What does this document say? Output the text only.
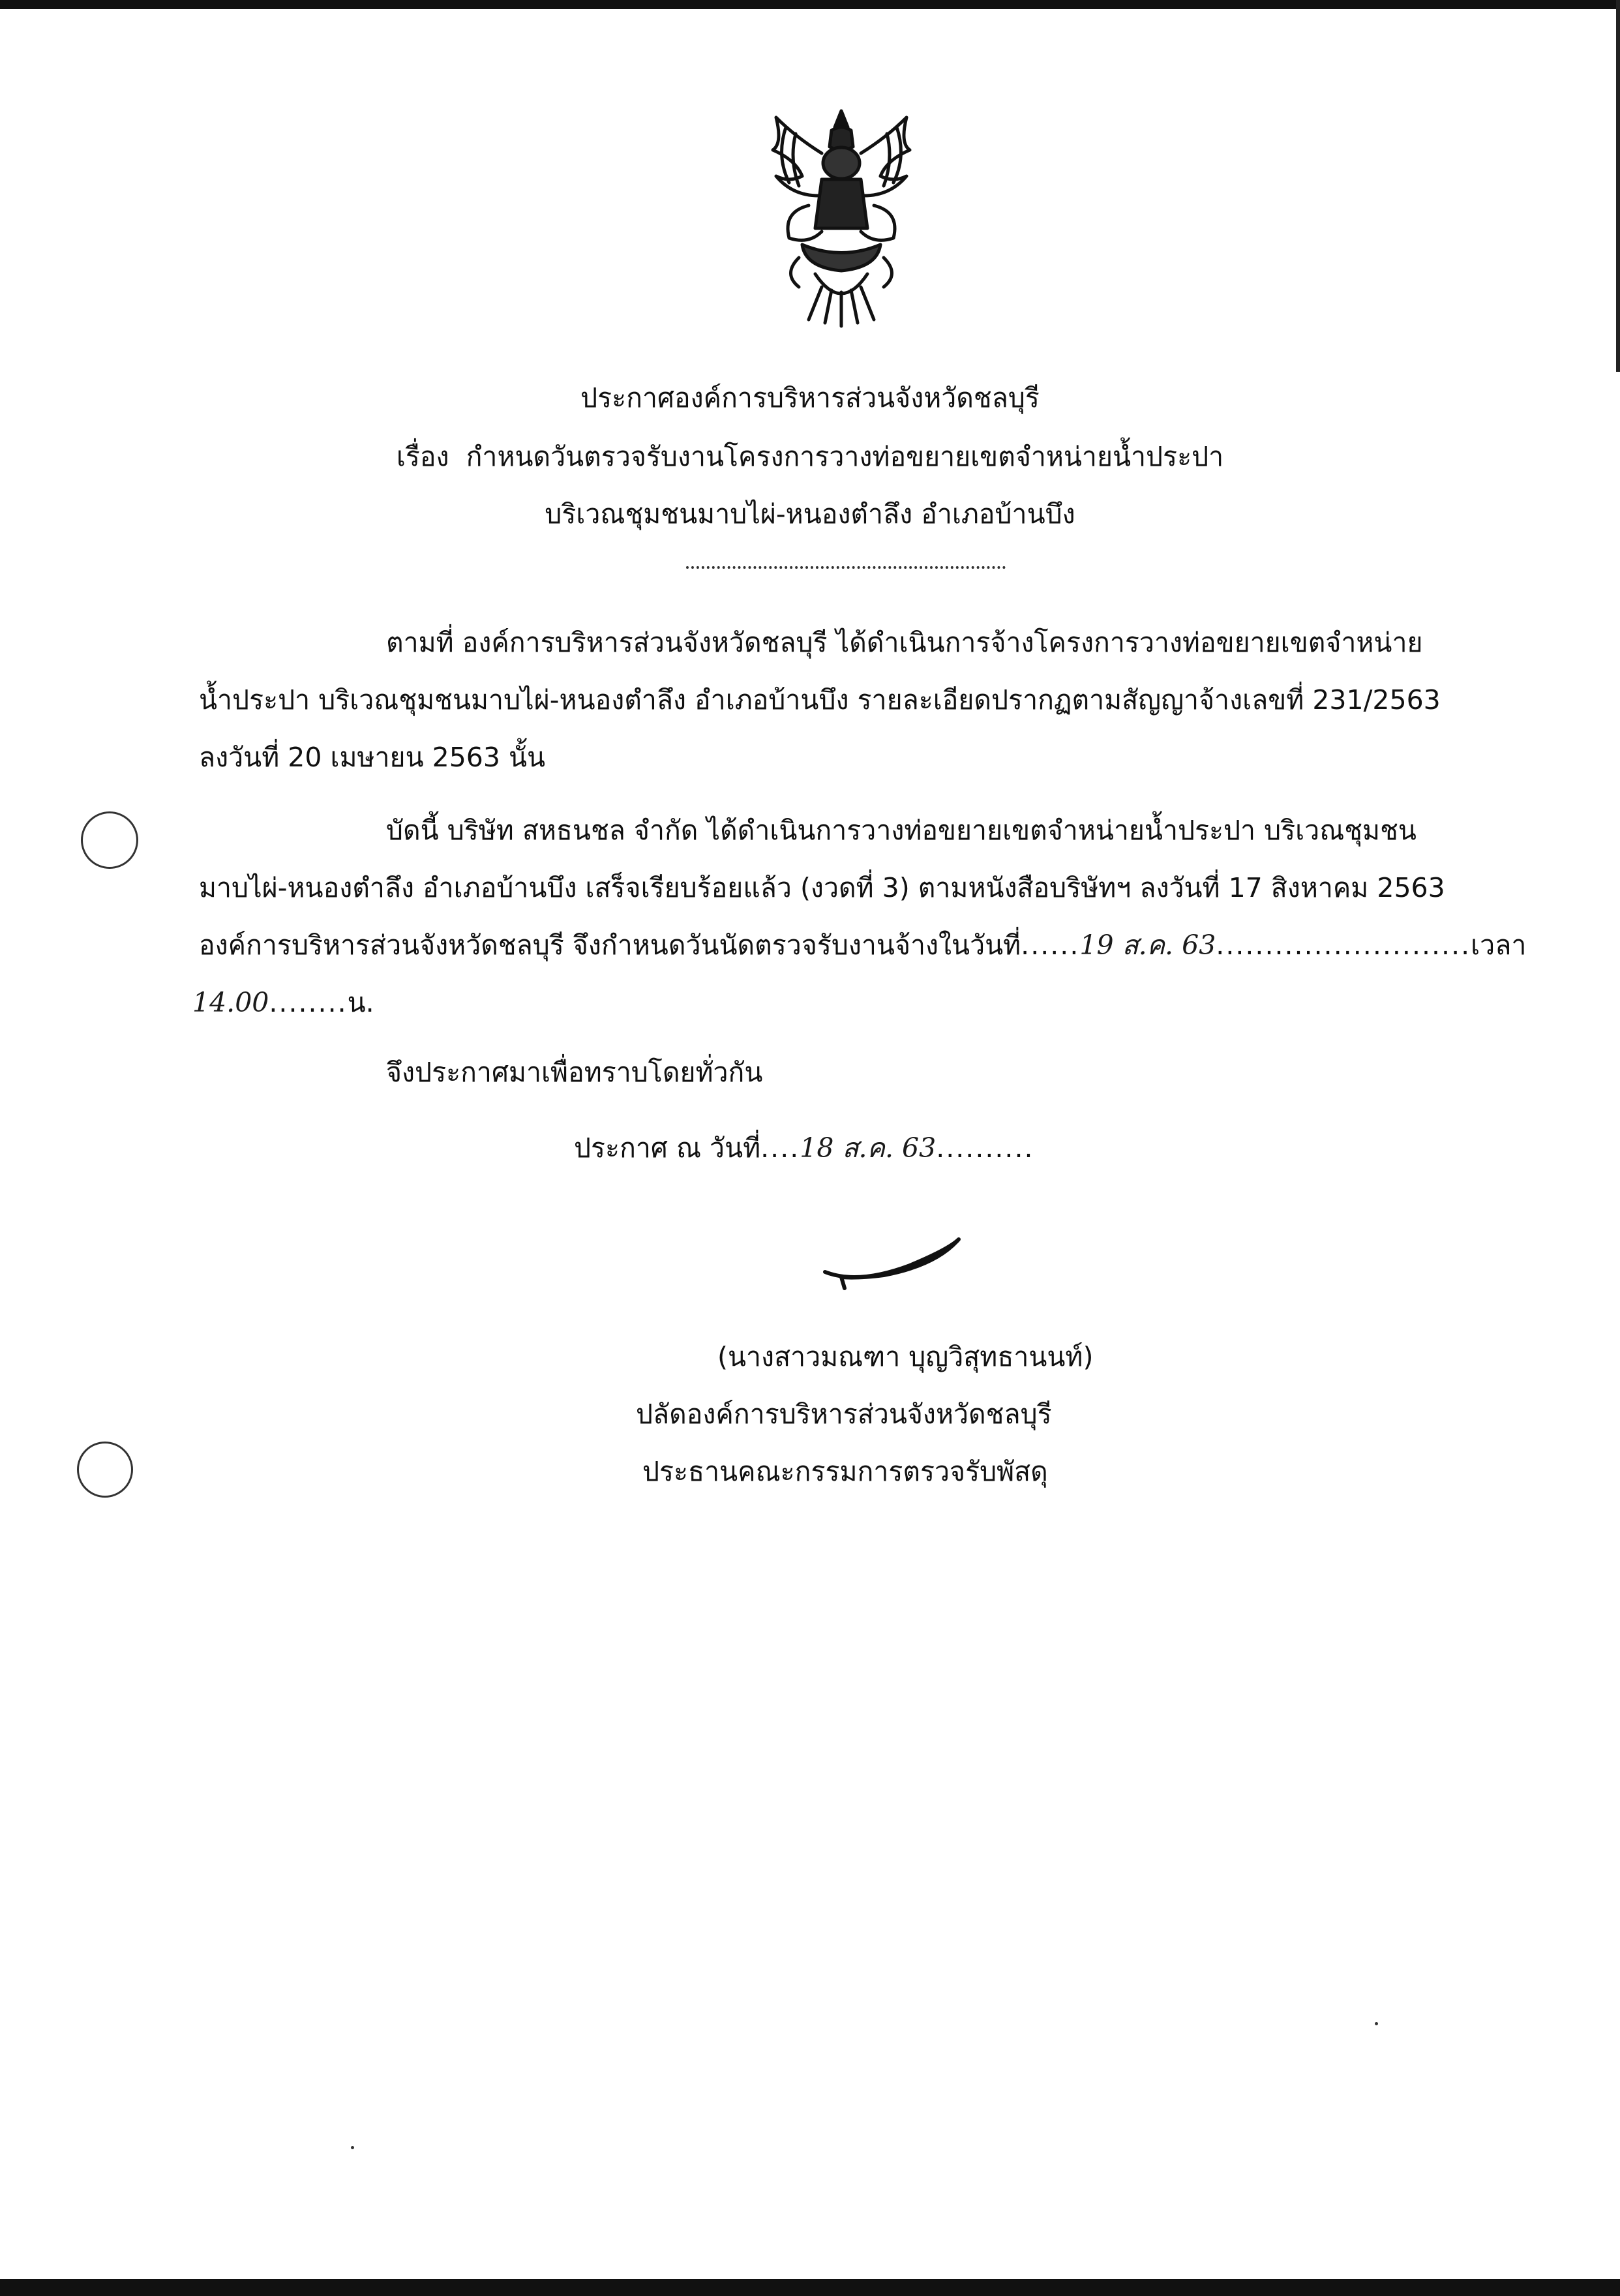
ประกาศองค์การบริหารส่วนจังหวัดชลบุรี
เรื่อง กำหนดวันตรวจรับงานโครงการวางท่อขยายเขตจำหน่ายน้ำประปา
บริเวณชุมชนมาบไผ่-หนองตำลึง อำเภอบ้านบึง
ตามที่ องค์การบริหารส่วนจังหวัดชลบุรี ได้ดำเนินการจ้างโครงการวางท่อขยายเขตจำหน่าย
น้ำประปา บริเวณชุมชนมาบไผ่-หนองตำลึง อำเภอบ้านบึง รายละเอียดปรากฏตามสัญญาจ้างเลขที่ 231/2563
ลงวันที่ 20 เมษายน 2563 นั้น
บัดนี้ บริษัท สหธนชล จำกัด ได้ดำเนินการวางท่อขยายเขตจำหน่ายน้ำประปา บริเวณชุมชน
มาบไผ่-หนองตำลึง อำเภอบ้านบึง เสร็จเรียบร้อยแล้ว (งวดที่ 3) ตามหนังสือบริษัทฯ ลงวันที่ 17 สิงหาคม 2563
องค์การบริหารส่วนจังหวัดชลบุรี จึงกำหนดวันนัดตรวจรับงานจ้างในวันที่......19 ส.ค. 63..........................เวลา
14.00........น.
จึงประกาศมาเพื่อทราบโดยทั่วกัน
ประกาศ ณ วันที่....18 ส.ค. 63..........
(นางสาวมณฑา บุญวิสุทธานนท์)
ปลัดองค์การบริหารส่วนจังหวัดชลบุรี
ประธานคณะกรรมการตรวจรับพัสดุ
